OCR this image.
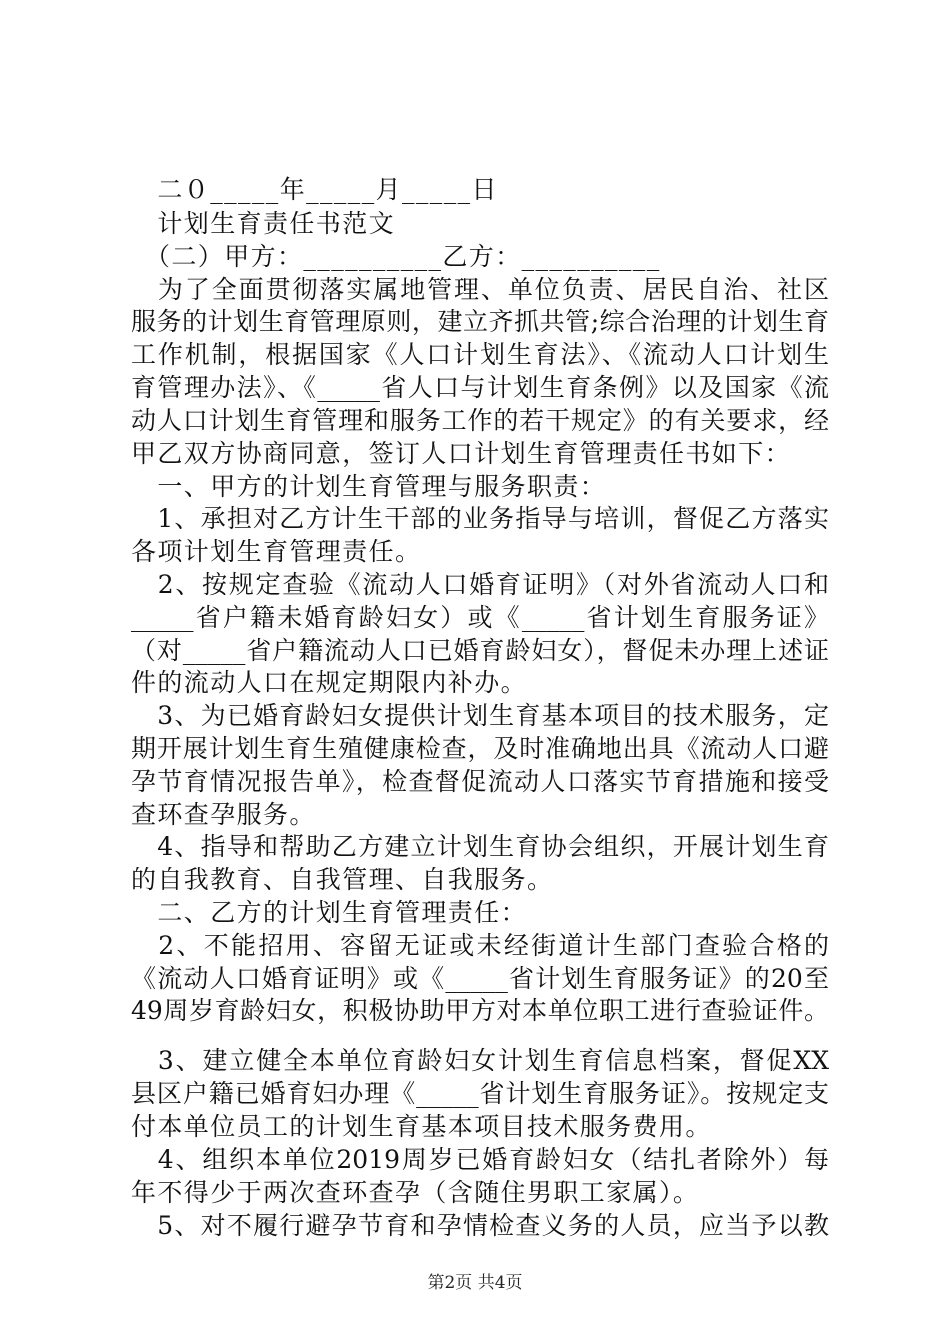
　二０_____年_____月_____日
　计划生育责任书范文
（二）甲方：__________乙方：__________
　为了全面贯彻落实属地管理、单位负责、居民自治、社区
服务的计划生育管理原则，建立齐抓共管;综合治理的计划生育
工作机制，根据国家《人口计划生育法》、《流动人口计划生
育管理办法》、《_____省人口与计划生育条例》以及国家《流
动人口计划生育管理和服务工作的若干规定》的有关要求，经
甲乙双方协商同意，签订人口计划生育管理责任书如下：
　一、甲方的计划生育管理与服务职责：
　1、承担对乙方计生干部的业务指导与培训，督促乙方落实
各项计划生育管理责任。
　2、按规定查验《流动人口婚育证明》（对外省流动人口和
_____省户籍未婚育龄妇女）或《_____省计划生育服务证》
（对_____省户籍流动人口已婚育龄妇女），督促未办理上述证
件的流动人口在规定期限内补办。
　3、为已婚育龄妇女提供计划生育基本项目的技术服务，定
期开展计划生育生殖健康检查，及时准确地出具《流动人口避
孕节育情况报告单》，检查督促流动人口落实节育措施和接受
查环查孕服务。
　4、指导和帮助乙方建立计划生育协会组织，开展计划生育
的自我教育、自我管理、自我服务。
　二、乙方的计划生育管理责任：
　2、不能招用、容留无证或未经街道计生部门查验合格的
《流动人口婚育证明》或《_____省计划生育服务证》的20至
49周岁育龄妇女，积极协助甲方对本单位职工进行查验证件。
　3、建立健全本单位育龄妇女计划生育信息档案，督促XX
县区户籍已婚育妇办理《_____省计划生育服务证》。按规定支
付本单位员工的计划生育基本项目技术服务费用。
　4、组织本单位2019周岁已婚育龄妇女（结扎者除外）每
年不得少于两次查环查孕（含随住男职工家属）。
　5、对不履行避孕节育和孕情检查义务的人员，应当予以教
第2页 共4页
